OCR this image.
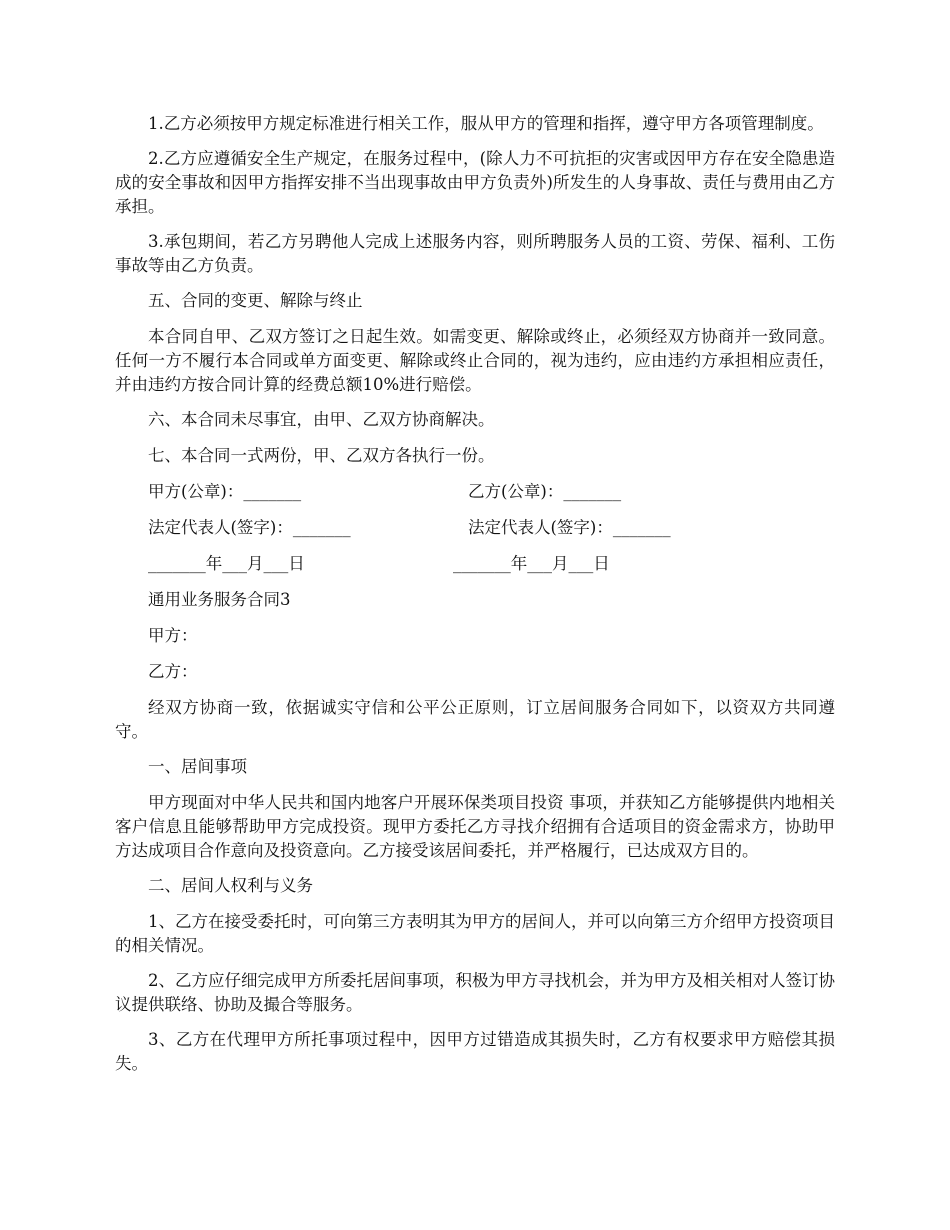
1.乙方必须按甲方规定标准进行相关工作，服从甲方的管理和指挥，遵守甲方各项管理制度。

2.乙方应遵循安全生产规定，在服务过程中，(除人力不可抗拒的灾害或因甲方存在安全隐患造成的安全事故和因甲方指挥安排不当出现事故由甲方负责外)所发生的人身事故、责任与费用由乙方承担。

3.承包期间，若乙方另聘他人完成上述服务内容，则所聘服务人员的工资、劳保、福利、工伤事故等由乙方负责。

五、合同的变更、解除与终止

本合同自甲、乙双方签订之日起生效。如需变更、解除或终止，必须经双方协商并一致同意。任何一方不履行本合同或单方面变更、解除或终止合同的，视为违约，应由违约方承担相应责任，并由违约方按合同计算的经费总额10%进行赔偿。

六、本合同未尽事宜，由甲、乙双方协商解决。
七、本合同一式两份，甲、乙双方各执行一份。
甲方(公章)：_______	乙方(公章)：_______
法定代表人(签字)：_______	法定代表人(签字)：_______
_______年___月___日	_______年___月___日
通用业务服务合同3
甲方：
乙方：

经双方协商一致，依据诚实守信和公平公正原则，订立居间服务合同如下，以资双方共同遵守。

一、居间事项

甲方现面对中华人民共和国内地客户开展环保类项目投资 事项，并获知乙方能够提供内地相关客户信息且能够帮助甲方完成投资。现甲方委托乙方寻找介绍拥有合适项目的资金需求方，协助甲方达成项目合作意向及投资意向。乙方接受该居间委托，并严格履行，已达成双方目的。

二、居间人权利与义务

1、乙方在接受委托时，可向第三方表明其为甲方的居间人，并可以向第三方介绍甲方投资项目的相关情况。

2、乙方应仔细完成甲方所委托居间事项，积极为甲方寻找机会，并为甲方及相关相对人签订协议提供联络、协助及撮合等服务。

3、乙方在代理甲方所托事项过程中，因甲方过错造成其损失时，乙方有权要求甲方赔偿其损失。
